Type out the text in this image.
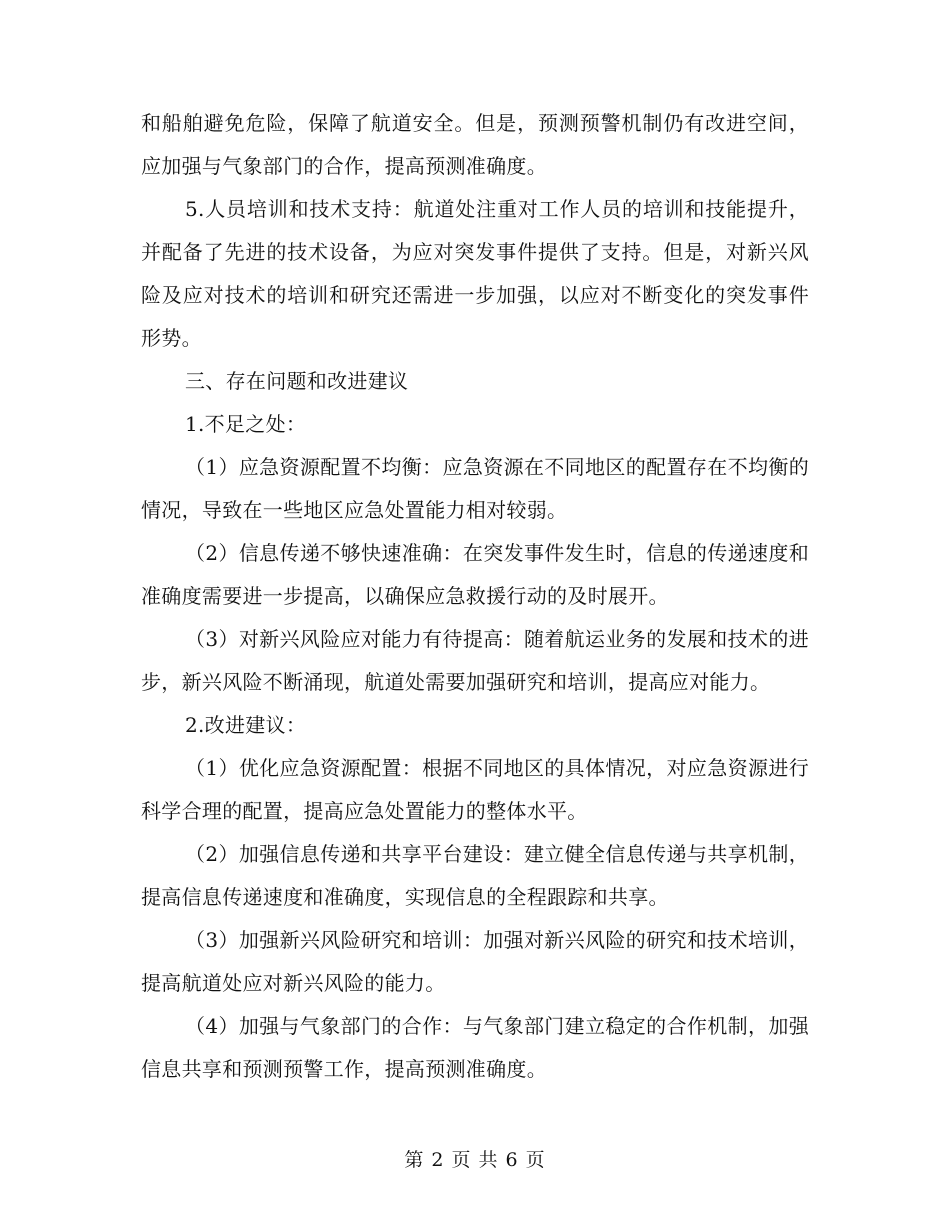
和船舶避免危险，保障了航道安全。但是，预测预警机制仍有改进空间，应加强与气象部门的合作，提高预测准确度。

5.人员培训和技术支持：航道处注重对工作人员的培训和技能提升，并配备了先进的技术设备，为应对突发事件提供了支持。但是，对新兴风险及应对技术的培训和研究还需进一步加强，以应对不断变化的突发事件形势。

三、存在问题和改进建议

1.不足之处：

（1）应急资源配置不均衡：应急资源在不同地区的配置存在不均衡的情况，导致在一些地区应急处置能力相对较弱。

（2）信息传递不够快速准确：在突发事件发生时，信息的传递速度和准确度需要进一步提高，以确保应急救援行动的及时展开。

（3）对新兴风险应对能力有待提高：随着航运业务的发展和技术的进步，新兴风险不断涌现，航道处需要加强研究和培训，提高应对能力。

2.改进建议：

（1）优化应急资源配置：根据不同地区的具体情况，对应急资源进行科学合理的配置，提高应急处置能力的整体水平。

（2）加强信息传递和共享平台建设：建立健全信息传递与共享机制，提高信息传递速度和准确度，实现信息的全程跟踪和共享。

（3）加强新兴风险研究和培训：加强对新兴风险的研究和技术培训，提高航道处应对新兴风险的能力。

（4）加强与气象部门的合作：与气象部门建立稳定的合作机制，加强信息共享和预测预警工作，提高预测准确度。

第 2 页 共 6 页
